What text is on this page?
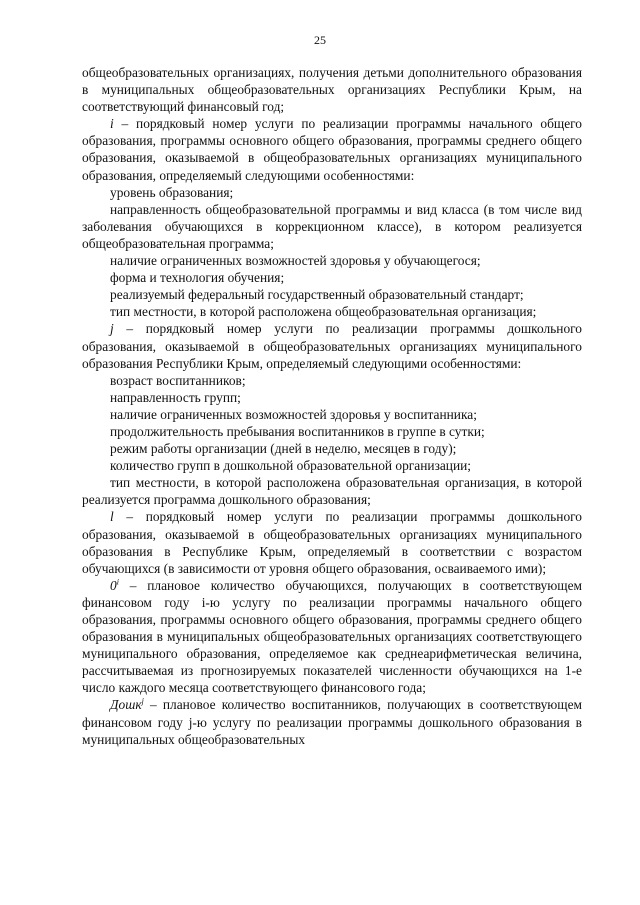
25

общеобразовательных организациях, получения детьми дополнительного образования в муниципальных общеобразовательных организациях Республики Крым, на соответствующий финансовый год;

i – порядковый номер услуги по реализации программы начального общего образования, программы основного общего образования, программы среднего общего образования, оказываемой в общеобразовательных организациях муниципального образования, определяемый следующими особенностями:

уровень образования;

направленность общеобразовательной программы и вид класса (в том числе вид заболевания обучающихся в коррекционном классе), в котором реализуется общеобразовательная программа;

наличие ограниченных возможностей здоровья у обучающегося;

форма и технология обучения;

реализуемый федеральный государственный образовательный стандарт;

тип местности, в которой расположена общеобразовательная организация;

j – порядковый номер услуги по реализации программы дошкольного образования, оказываемой в общеобразовательных организациях муниципального образования Республики Крым, определяемый следующими особенностями:

возраст воспитанников;

направленность групп;

наличие ограниченных возможностей здоровья у воспитанника;

продолжительность пребывания воспитанников в группе в сутки;

режим работы организации (дней в неделю, месяцев в году);

количество групп в дошкольной образовательной организации;

тип местности, в которой расположена образовательная организация, в которой реализуется программа дошкольного образования;

l – порядковый номер услуги по реализации программы дошкольного образования, оказываемой в общеобразовательных организациях муниципального образования в Республике Крым, определяемый в соответствии с возрастом обучающихся (в зависимости от уровня общего образования, осваиваемого ими);

0$^i$ – плановое количество обучающихся, получающих в соответствующем финансовом году i-ю услугу по реализации программы начального общего образования, программы основного общего образования, программы среднего общего образования в муниципальных общеобразовательных организациях соответствующего муниципального образования, определяемое как среднеарифметическая величина, рассчитываемая из прогнозируемых показателей численности обучающихся на 1-е число каждого месяца соответствующего финансового года;

Дошк$^j$ – плановое количество воспитанников, получающих в соответствующем финансовом году j-ю услугу по реализации программы дошкольного образования в муниципальных общеобразовательных
